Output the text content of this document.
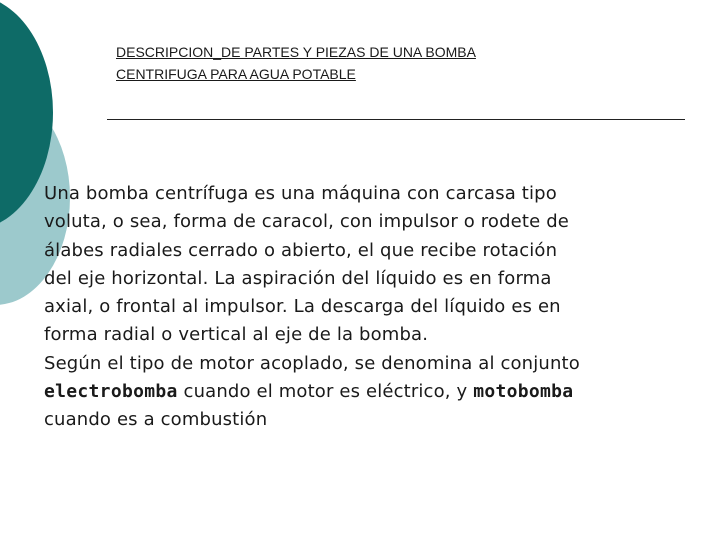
DESCRIPCION_DE PARTES Y PIEZAS DE UNA BOMBA
CENTRIFUGA PARA AGUA POTABLE

Una bomba centrífuga es una máquina con carcasa tipo
voluta, o sea, forma de caracol, con impulsor o rodete de
álabes radiales cerrado o abierto, el que recibe rotación
del eje horizontal. La aspiración del líquido es en forma
axial, o frontal al impulsor. La descarga del líquido es en
forma radial o vertical al eje de la bomba.
Según el tipo de motor acoplado, se denomina al conjunto
electrobomba cuando el motor es eléctrico, y motobomba
cuando es a combustión
